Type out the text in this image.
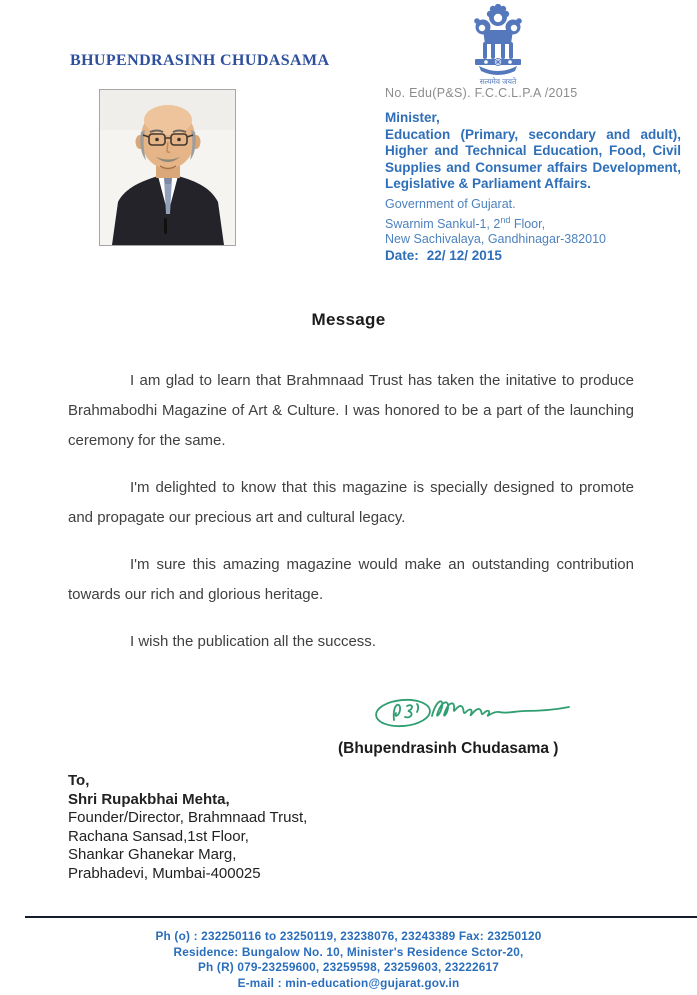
BHUPENDRASINH CHUDASAMA
सत्यमेव जयते
No. Edu(P&S). F.C.C.L.P.A /2015
Minister,
Education (Primary, secondary and adult),
Higher and Technical Education, Food, Civil
Supplies and Consumer affairs Development,
Legislative & Parliament Affairs.
Government of Gujarat.
Swarnim Sankul-1, 2nd Floor,
New Sachivalaya, Gandhinagar-382010
Date: 22/ 12/ 2015
Message

I am glad to learn that Brahmnaad Trust has taken the initative to produce Brahmabodhi Magazine of Art & Culture. I was honored to be a part of the launching ceremony for the same.

I'm delighted to know that this magazine is specially designed to promote and propagate our precious art and cultural legacy.

I'm sure this amazing magazine would make an outstanding contribution towards our rich and glorious heritage.

I wish the publication all the success.

(Bhupendrasinh Chudasama )
To,
Shri Rupakbhai Mehta,
Founder/Director, Brahmnaad Trust,
Rachana Sansad,1st Floor,
Shankar Ghanekar Marg,
Prabhadevi, Mumbai-400025
Ph (o) : 232250116 to 23250119, 23238076, 23243389 Fax: 23250120
Residence: Bungalow No. 10, Minister's Residence Sctor-20,
Ph (R) 079-23259600, 23259598, 23259603, 23222617
E-mail : min-education@gujarat.gov.in
